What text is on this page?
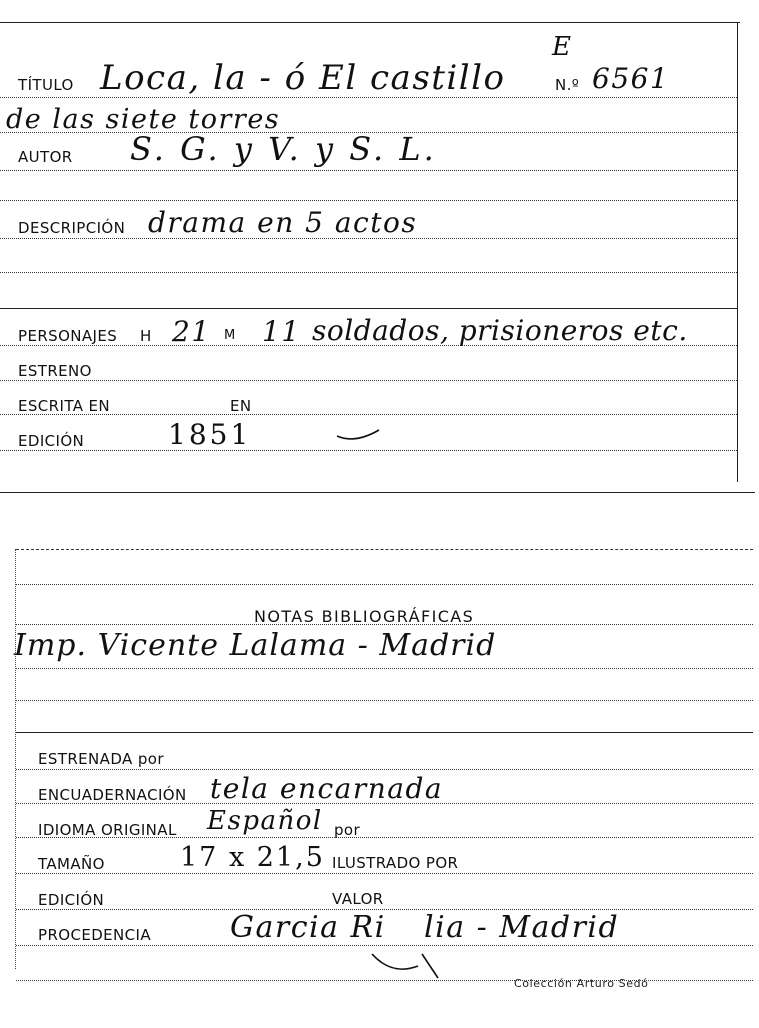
TÍTULO Loca, la - ó El castillo
de las siete torres
N.º 6561
E
AUTOR S. G. y V. y S. L.
DESCRIPCIÓN drama en 5 actos
PERSONAJES H 21 M 11 soldados, prisioneros etc.
ESTRENO
ESCRITA EN	EN
EDICIÓN	1851
NOTAS BIBLIOGRÁFICAS
Imp. Vicente Lalama - Madrid
ESTRENADA por
ENCUADERNACIÓN tela encarnada
IDIOMA ORIGINAL Español por
TAMAÑO	17 x 21,5 ILUSTRADO POR
EDICIÓN	VALOR
PROCEDENCIA	Garcia Ri lia - Madrid
Colección Arturo Sedó
